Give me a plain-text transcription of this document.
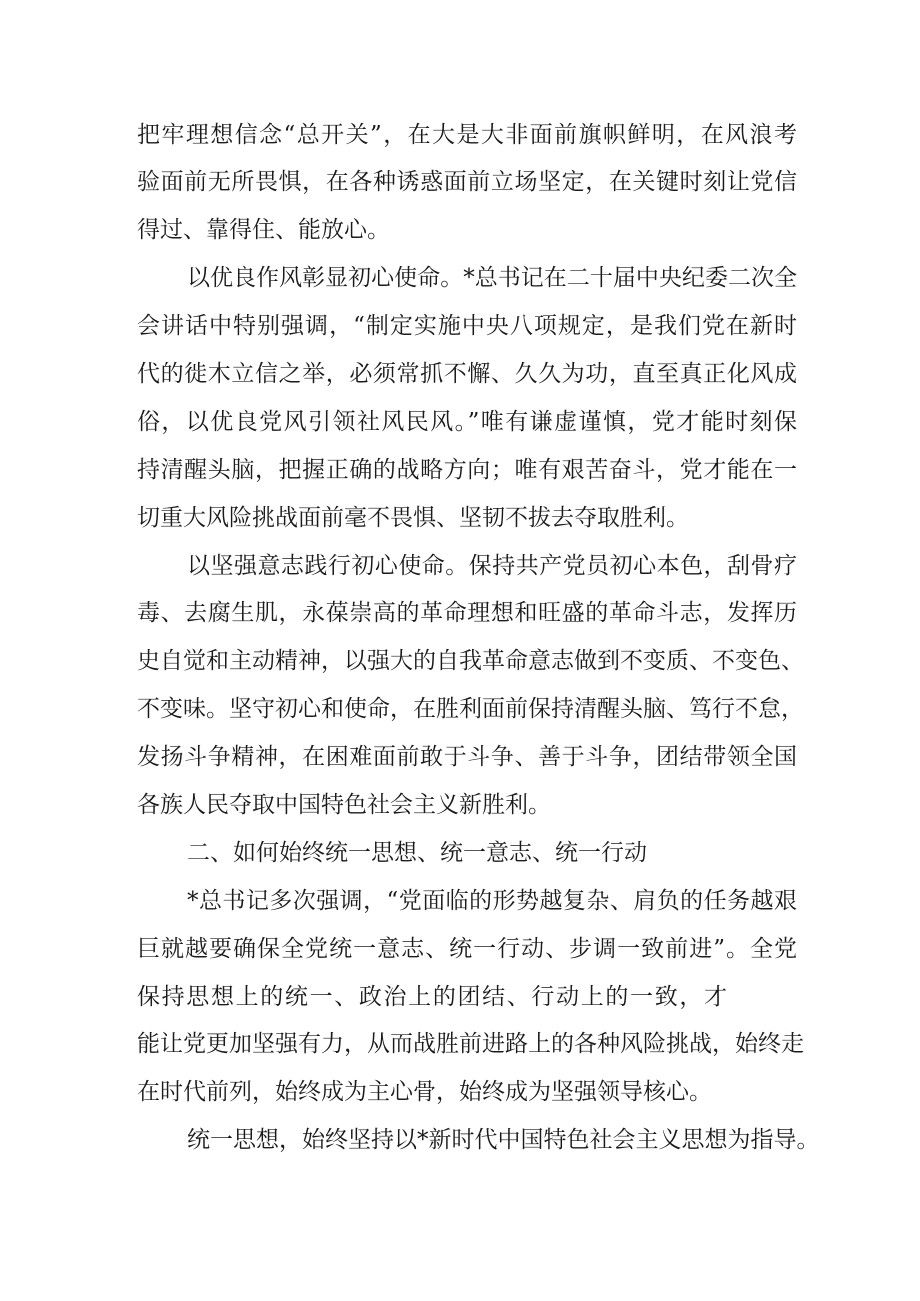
把牢理想信念“总开关”，在大是大非面前旗帜鲜明，在风浪考
验面前无所畏惧，在各种诱惑面前立场坚定，在关键时刻让党信
得过、靠得住、能放心。
以优良作风彰显初心使命。*总书记在二十届中央纪委二次全
会讲话中特别强调，“制定实施中央八项规定，是我们党在新时
代的徙木立信之举，必须常抓不懈、久久为功，直至真正化风成
俗，以优良党风引领社风民风。”唯有谦虚谨慎，党才能时刻保
持清醒头脑，把握正确的战略方向；唯有艰苦奋斗，党才能在一
切重大风险挑战面前毫不畏惧、坚韧不拔去夺取胜利。
以坚强意志践行初心使命。保持共产党员初心本色，刮骨疗
毒、去腐生肌，永葆崇高的革命理想和旺盛的革命斗志，发挥历
史自觉和主动精神，以强大的自我革命意志做到不变质、不变色、
不变味。坚守初心和使命，在胜利面前保持清醒头脑、笃行不怠，
发扬斗争精神，在困难面前敢于斗争、善于斗争，团结带领全国
各族人民夺取中国特色社会主义新胜利。
二、如何始终统一思想、统一意志、统一行动
*总书记多次强调，“党面临的形势越复杂、肩负的任务越艰
巨就越要确保全党统一意志、统一行动、步调一致前进”。全党
保持思想上的统一、政治上的团结、行动上的一致，才
能让党更加坚强有力，从而战胜前进路上的各种风险挑战，始终走
在时代前列，始终成为主心骨，始终成为坚强领导核心。
统一思想，始终坚持以*新时代中国特色社会主义思想为指导。
